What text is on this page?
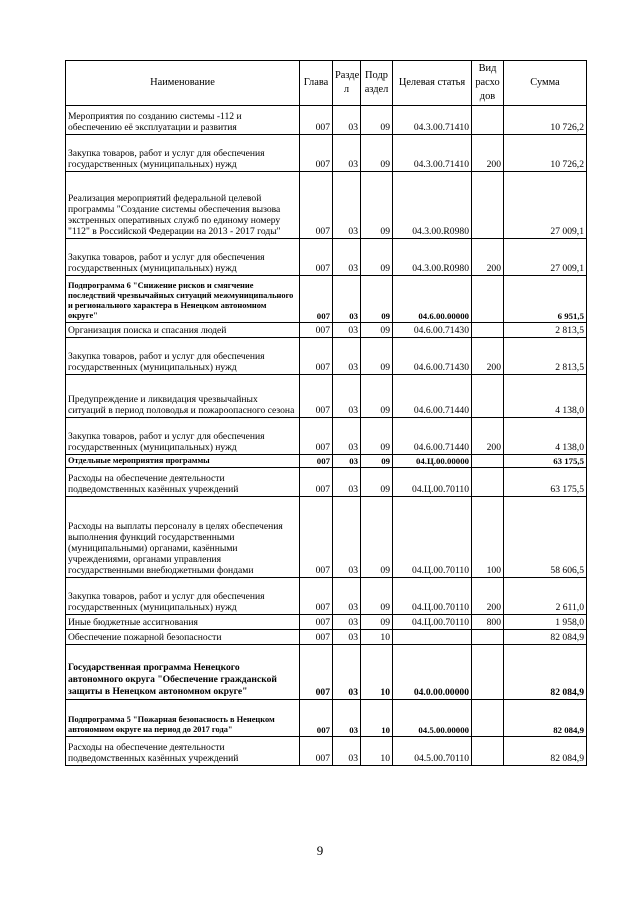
Наименование	Глава	Разде л	Подр аздел	Целевая статья	Вид расхо дов	Сумма
Мероприятия по созданию системы -112 и обеспечению её эксплуатации и развития	007	03	09	04.3.00.71410		10 726,2
Закупка товаров, работ и услуг для обеспечения государственных (муниципальных) нужд	007	03	09	04.3.00.71410	200	10 726,2
Реализация мероприятий федеральной целевой программы "Создание системы обеспечения вызова экстренных оперативных служб по единому номеру "112" в Российской Федерации на 2013 - 2017 годы"	007	03	09	04.3.00.R0980		27 009,1
Закупка товаров, работ и услуг для обеспечения государственных (муниципальных) нужд	007	03	09	04.3.00.R0980	200	27 009,1
Подпрограмма 6 "Снижение рисков и смягчение последствий чрезвычайных ситуаций межмуниципального и регионального характера в Ненецком автономном округе"	007	03	09	04.6.00.00000		6 951,5
Организация поиска и спасания людей	007	03	09	04.6.00.71430		2 813,5
Закупка товаров, работ и услуг для обеспечения государственных (муниципальных) нужд	007	03	09	04.6.00.71430	200	2 813,5
Предупреждение и ликвидация чрезвычайных ситуаций в период половодья и пожароопасного сезона	007	03	09	04.6.00.71440		4 138,0
Закупка товаров, работ и услуг для обеспечения государственных (муниципальных) нужд	007	03	09	04.6.00.71440	200	4 138,0
Отдельные мероприятия программы	007	03	09	04.Ц.00.00000		63 175,5
Расходы на обеспечение деятельности подведомственных казённых учреждений	007	03	09	04.Ц.00.70110		63 175,5
Расходы на выплаты персоналу в целях обеспечения выполнения функций государственными (муниципальными) органами, казёнными учреждениями, органами управления государственными внебюджетными фондами	007	03	09	04.Ц.00.70110	100	58 606,5
Закупка товаров, работ и услуг для обеспечения государственных (муниципальных) нужд	007	03	09	04.Ц.00.70110	200	2 611,0
Иные бюджетные ассигнования	007	03	09	04.Ц.00.70110	800	1 958,0
Обеспечение пожарной безопасности	007	03	10			82 084,9
Государственная программа Ненецкого автономного округа "Обеспечение гражданской защиты в Ненецком автономном округе"	007	03	10	04.0.00.00000		82 084,9
Подпрограмма 5 "Пожарная безопасность в Ненецком автономном округе на период до 2017 года"	007	03	10	04.5.00.00000		82 084,9
Расходы на обеспечение деятельности подведомственных казённых учреждений	007	03	10	04.5.00.70110		82 084,9
9
